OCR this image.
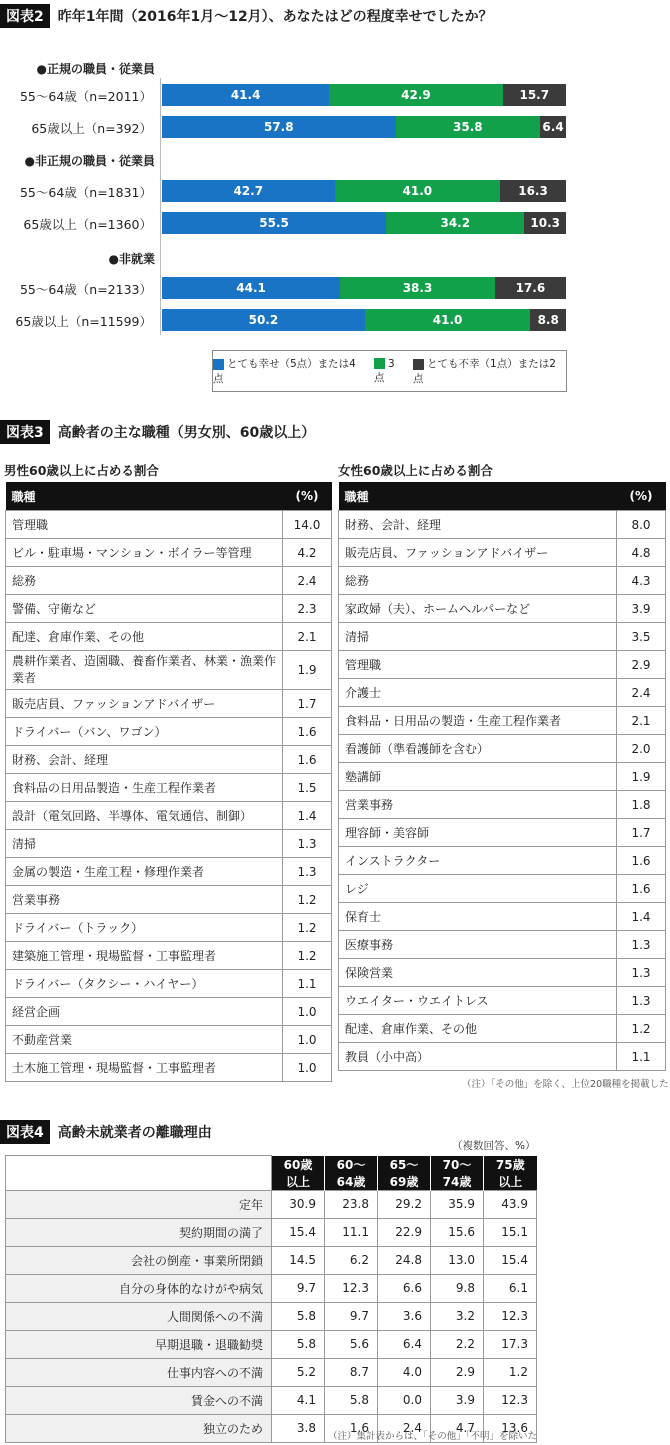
図表2	昨年1年間（2016年1月〜12月）、あなたはどの程度幸せでしたか？
●正規の職員・従業員
55〜64歳（n=2011）	41.4	42.9	15.7
65歳以上（n=392）	57.8	35.8	6.4
●非正規の職員・従業員
55〜64歳（n=1831）	42.7	41.0	16.3
65歳以上（n=1360）	55.5	34.2	10.3
●非就業
55〜64歳（n=2133）	44.1	38.3	17.6
65歳以上（n=11599）	50.2	41.0	8.8
とても幸せ（5点）または4点
3点
とても不幸（1点）または2点
図表3	高齢者の主な職種（男女別、60歳以上）
男性60歳以上に占める割合	女性60歳以上に占める割合
職種	(%)
管理職	14.0
ビル・駐車場・マンション・ボイラー等管理	4.2
総務	2.4
警備、守衛など	2.3
配達、倉庫作業、その他	2.1
農耕作業者、造園職、養畜作業者、林業・漁業作業者	1.9
販売店員、ファッションアドバイザー	1.7
ドライバー（バン、ワゴン）	1.6
財務、会計、経理	1.6
食料品の日用品製造・生産工程作業者	1.5
設計（電気回路、半導体、電気通信、制御）	1.4
清掃	1.3
金属の製造・生産工程・修理作業者	1.3
営業事務	1.2
ドライバー（トラック）	1.2
建築施工管理・現場監督・工事監理者	1.2
ドライバー（タクシー・ハイヤー）	1.1
経営企画	1.0
不動産営業	1.0
土木施工管理・現場監督・工事監理者	1.0
職種	(%)
財務、会計、経理	8.0
販売店員、ファッションアドバイザー	4.8
総務	4.3
家政婦（夫）、ホームヘルパーなど	3.9
清掃	3.5
管理職	2.9
介護士	2.4
食料品・日用品の製造・生産工程作業者	2.1
看護師（準看護師を含む）	2.0
塾講師	1.9
営業事務	1.8
理容師・美容師	1.7
インストラクター	1.6
レジ	1.6
保育士	1.4
医療事務	1.3
保険営業	1.3
ウエイター・ウエイトレス	1.3
配達、倉庫作業、その他	1.2
教員（小中高）	1.1
（注）「その他」を除く、上位20職種を掲載した
図表4	高齢未就業者の離職理由
（複数回答、%）
	60歳以上	60〜64歳	65〜69歳	70〜74歳	75歳以上
定年	30.9	23.8	29.2	35.9	43.9
契約期間の満了	15.4	11.1	22.9	15.6	15.1
会社の倒産・事業所閉鎖	14.5	6.2	24.8	13.0	15.4
自分の身体的なけがや病気	9.7	12.3	6.6	9.8	6.1
人間関係への不満	5.8	9.7	3.6	3.2	12.3
早期退職・退職勧奨	5.8	5.6	6.4	2.2	17.3
仕事内容への不満	5.2	8.7	4.0	2.9	1.2
賃金への不満	4.1	5.8	0.0	3.9	12.3
独立のため	3.8	1.6	2.4	4.7	13.6
（注）集計表からは、「その他」「不明」を除いた
